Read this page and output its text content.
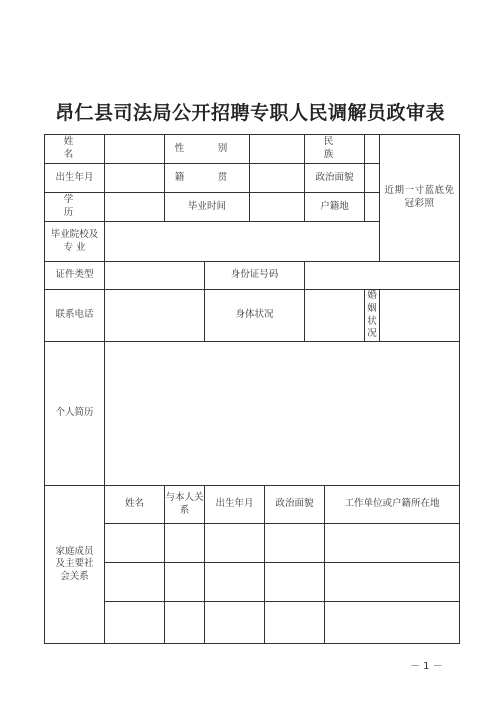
昂仁县司法局公开招聘专职人民调解员政审表
姓　名		性　别				民　族			近期一寸蓝底免冠彩照
出生年月		籍　贯				政治面貌			
学　历		毕业时间				户籍地			
毕业院校及 专 业									
证件类型			身份证号码						
联系电话			身体状况					婚姻状况	
个人简历									
家庭成员及主要社会关系	姓名	与本人关系	出生年月		政治面貌		工作单位或户籍所在地		

－ 1 －
